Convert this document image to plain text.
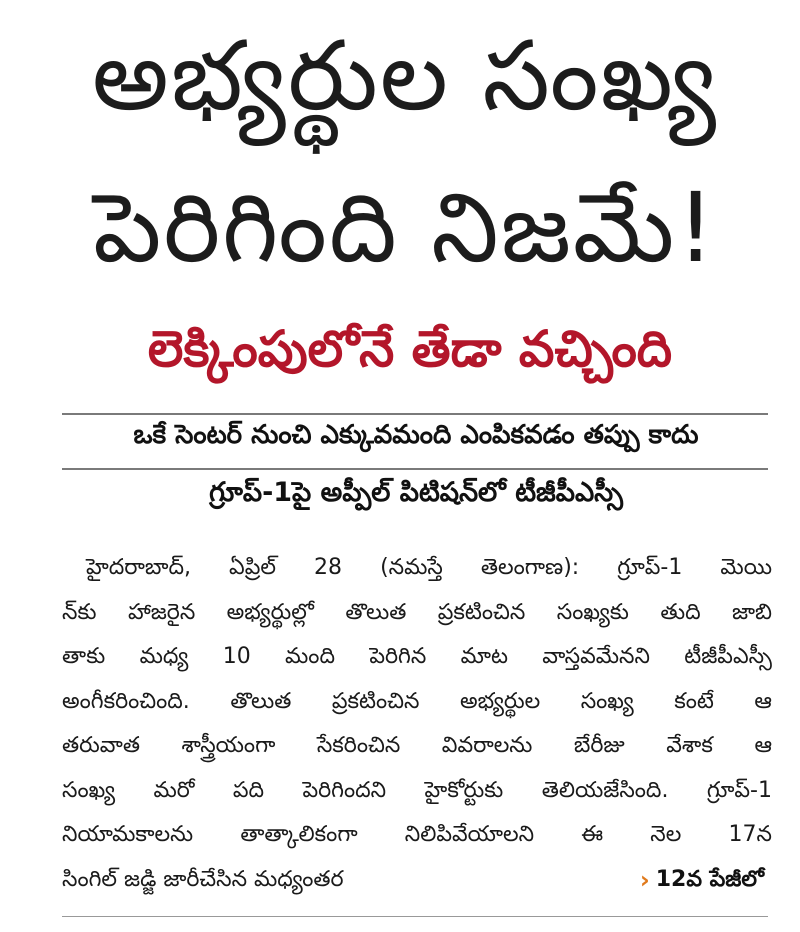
అభ్యర్థుల సంఖ్య
పెరిగింది నిజమే!
లెక్కింపులోనే తేడా వచ్చింది
ఒకే సెంటర్ నుంచి ఎక్కువమంది ఎంపికవడం తప్పు కాదు
గ్రూప్-1పై అప్పీల్ పిటిషన్‌లో టీజీపీఎస్సీ
హైదరాబాద్, ఏప్రిల్ 28 (నమస్తే తెలంగాణ): గ్రూప్-1 మెయి
న్‌కు హాజరైన అభ్యర్థుల్లో తొలుత ప్రకటించిన సంఖ్యకు తుది జాబి
తాకు మధ్య 10 మంది పెరిగిన మాట వాస్తవమేనని టీజీపీఎస్సీ
అంగీకరించింది. తొలుత ప్రకటించిన అభ్యర్థుల సంఖ్య కంటే ఆ
తరువాత శాస్త్రీయంగా సేకరించిన వివరాలను బేరీజు వేశాక ఆ
సంఖ్య మరో పది పెరిగిందని హైకోర్టుకు తెలియజేసింది. గ్రూప్-1
నియామకాలను తాత్కాలికంగా నిలిపివేయాలని ఈ నెల 17న
సింగిల్ జడ్జి జారీచేసిన మధ్యంతర	› 12వ పేజీలో
